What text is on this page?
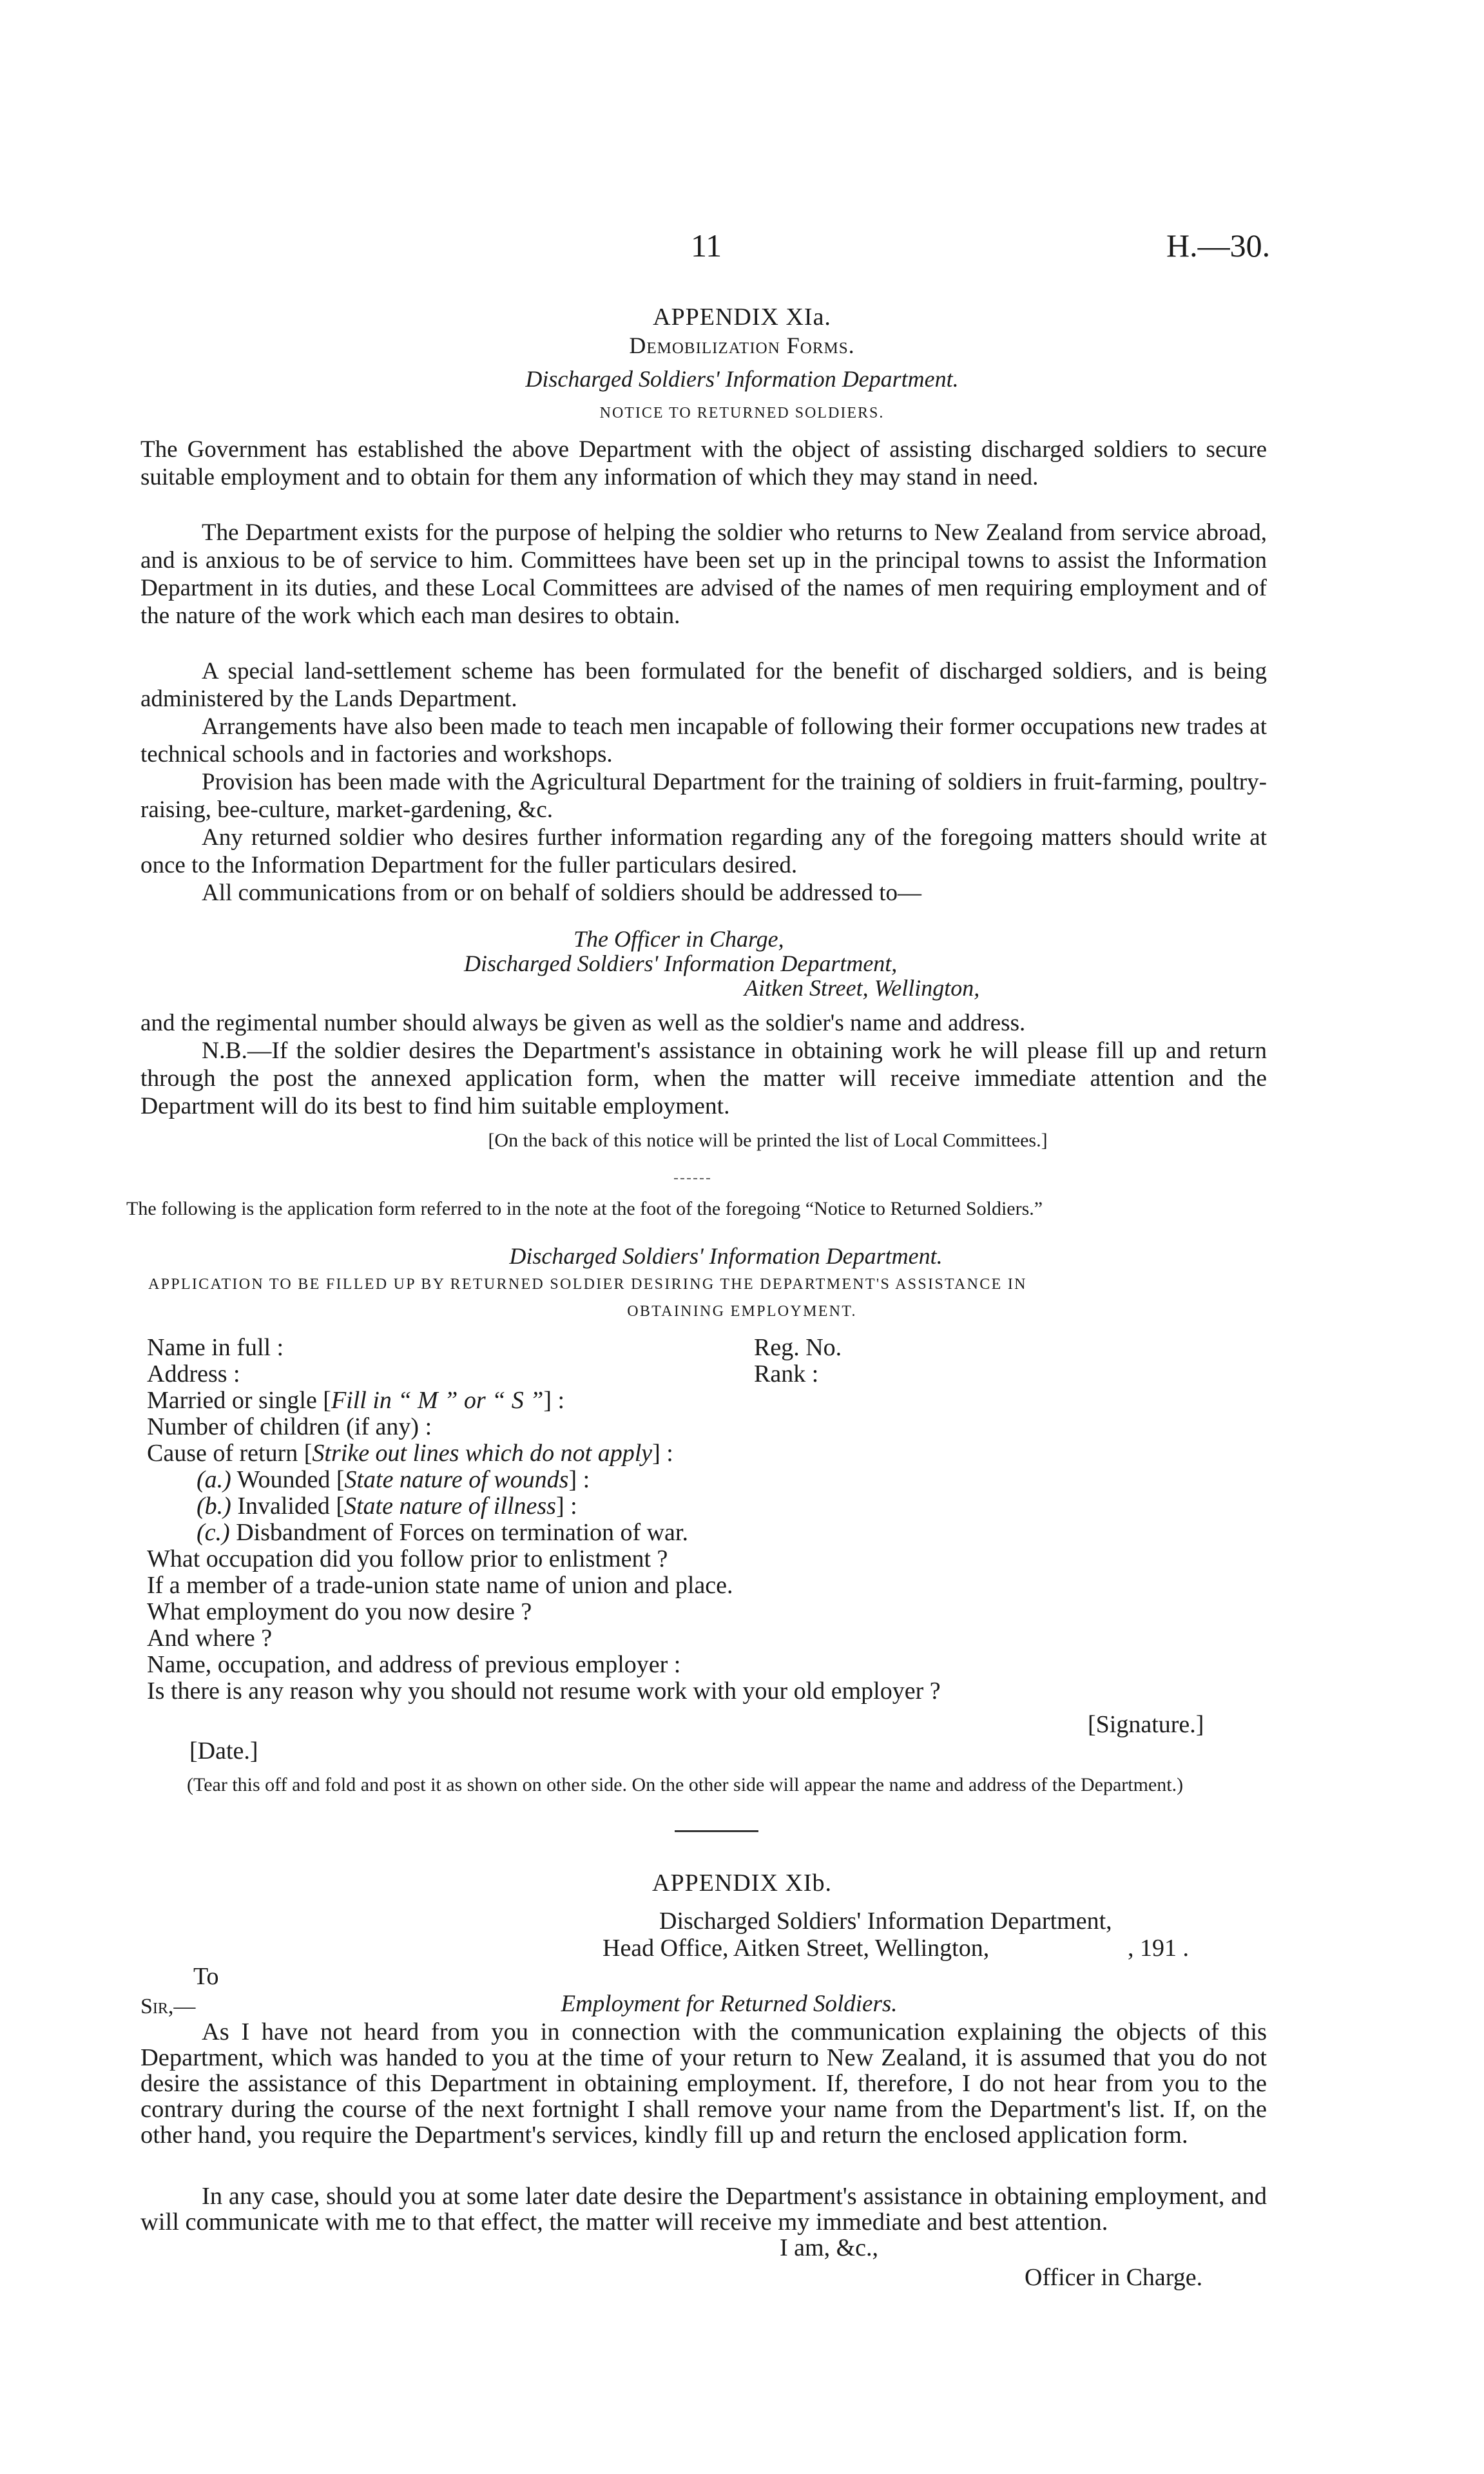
11	H.—30.
APPENDIX XIa.
Demobilization Forms.
Discharged Soldiers' Information Department.
NOTICE TO RETURNED SOLDIERS.
The Government has established the above Department with the object of assisting discharged soldiers to secure suitable employment and to obtain for them any information of which they may stand in need.
The Department exists for the purpose of helping the soldier who returns to New Zealand from service abroad, and is anxious to be of service to him. Committees have been set up in the principal towns to assist the Information Department in its duties, and these Local Committees are advised of the names of men requiring employment and of the nature of the work which each man desires to obtain.
A special land-settlement scheme has been formulated for the benefit of discharged soldiers, and is being administered by the Lands Department.
Arrangements have also been made to teach men incapable of following their former occupations new trades at technical schools and in factories and workshops.
Provision has been made with the Agricultural Department for the training of soldiers in fruit-farming, poultry-raising, bee-culture, market-gardening, &c.
Any returned soldier who desires further information regarding any of the foregoing matters should write at once to the Information Department for the fuller particulars desired.
All communications from or on behalf of soldiers should be addressed to—
The Officer in Charge,
Discharged Soldiers' Information Department,
Aitken Street, Wellington,
and the regimental number should always be given as well as the soldier's name and address.
N.B.—If the soldier desires the Department's assistance in obtaining work he will please fill up and return through the post the annexed application form, when the matter will receive immediate attention and the Department will do its best to find him suitable employment.
[On the back of this notice will be printed the list of Local Committees.]
The following is the application form referred to in the note at the foot of the foregoing “Notice to Returned Soldiers.”
Discharged Soldiers' Information Department.
APPLICATION TO BE FILLED UP BY RETURNED SOLDIER DESIRING THE DEPARTMENT'S ASSISTANCE IN
OBTAINING EMPLOYMENT.
Name in full :	Reg. No.
Address :	Rank :
Married or single [Fill in “ M ” or “ S ”] :
Number of children (if any) :
Cause of return [Strike out lines which do not apply] :
(a.) Wounded [State nature of wounds] :
(b.) Invalided [State nature of illness] :
(c.) Disbandment of Forces on termination of war.
What occupation did you follow prior to enlistment ?
If a member of a trade-union state name of union and place.
What employment do you now desire ?
And where ?
Name, occupation, and address of previous employer :
Is there is any reason why you should not resume work with your old employer ?
[Signature.]
[Date.]
(Tear this off and fold and post it as shown on other side. On the other side will appear the name and address of the Department.)
APPENDIX XIb.
Discharged Soldiers' Information Department,
Head Office, Aitken Street, Wellington,	, 191 .
To
Sir,—	Employment for Returned Soldiers.
As I have not heard from you in connection with the communication explaining the objects of this Department, which was handed to you at the time of your return to New Zealand, it is assumed that you do not desire the assistance of this Department in obtaining employment. If, therefore, I do not hear from you to the contrary during the course of the next fortnight I shall remove your name from the Department's list. If, on the other hand, you require the Department's services, kindly fill up and return the enclosed application form.
In any case, should you at some later date desire the Department's assistance in obtaining employment, and will communicate with me to that effect, the matter will receive my immediate and best attention.
I am, &c.,
Officer in Charge.
